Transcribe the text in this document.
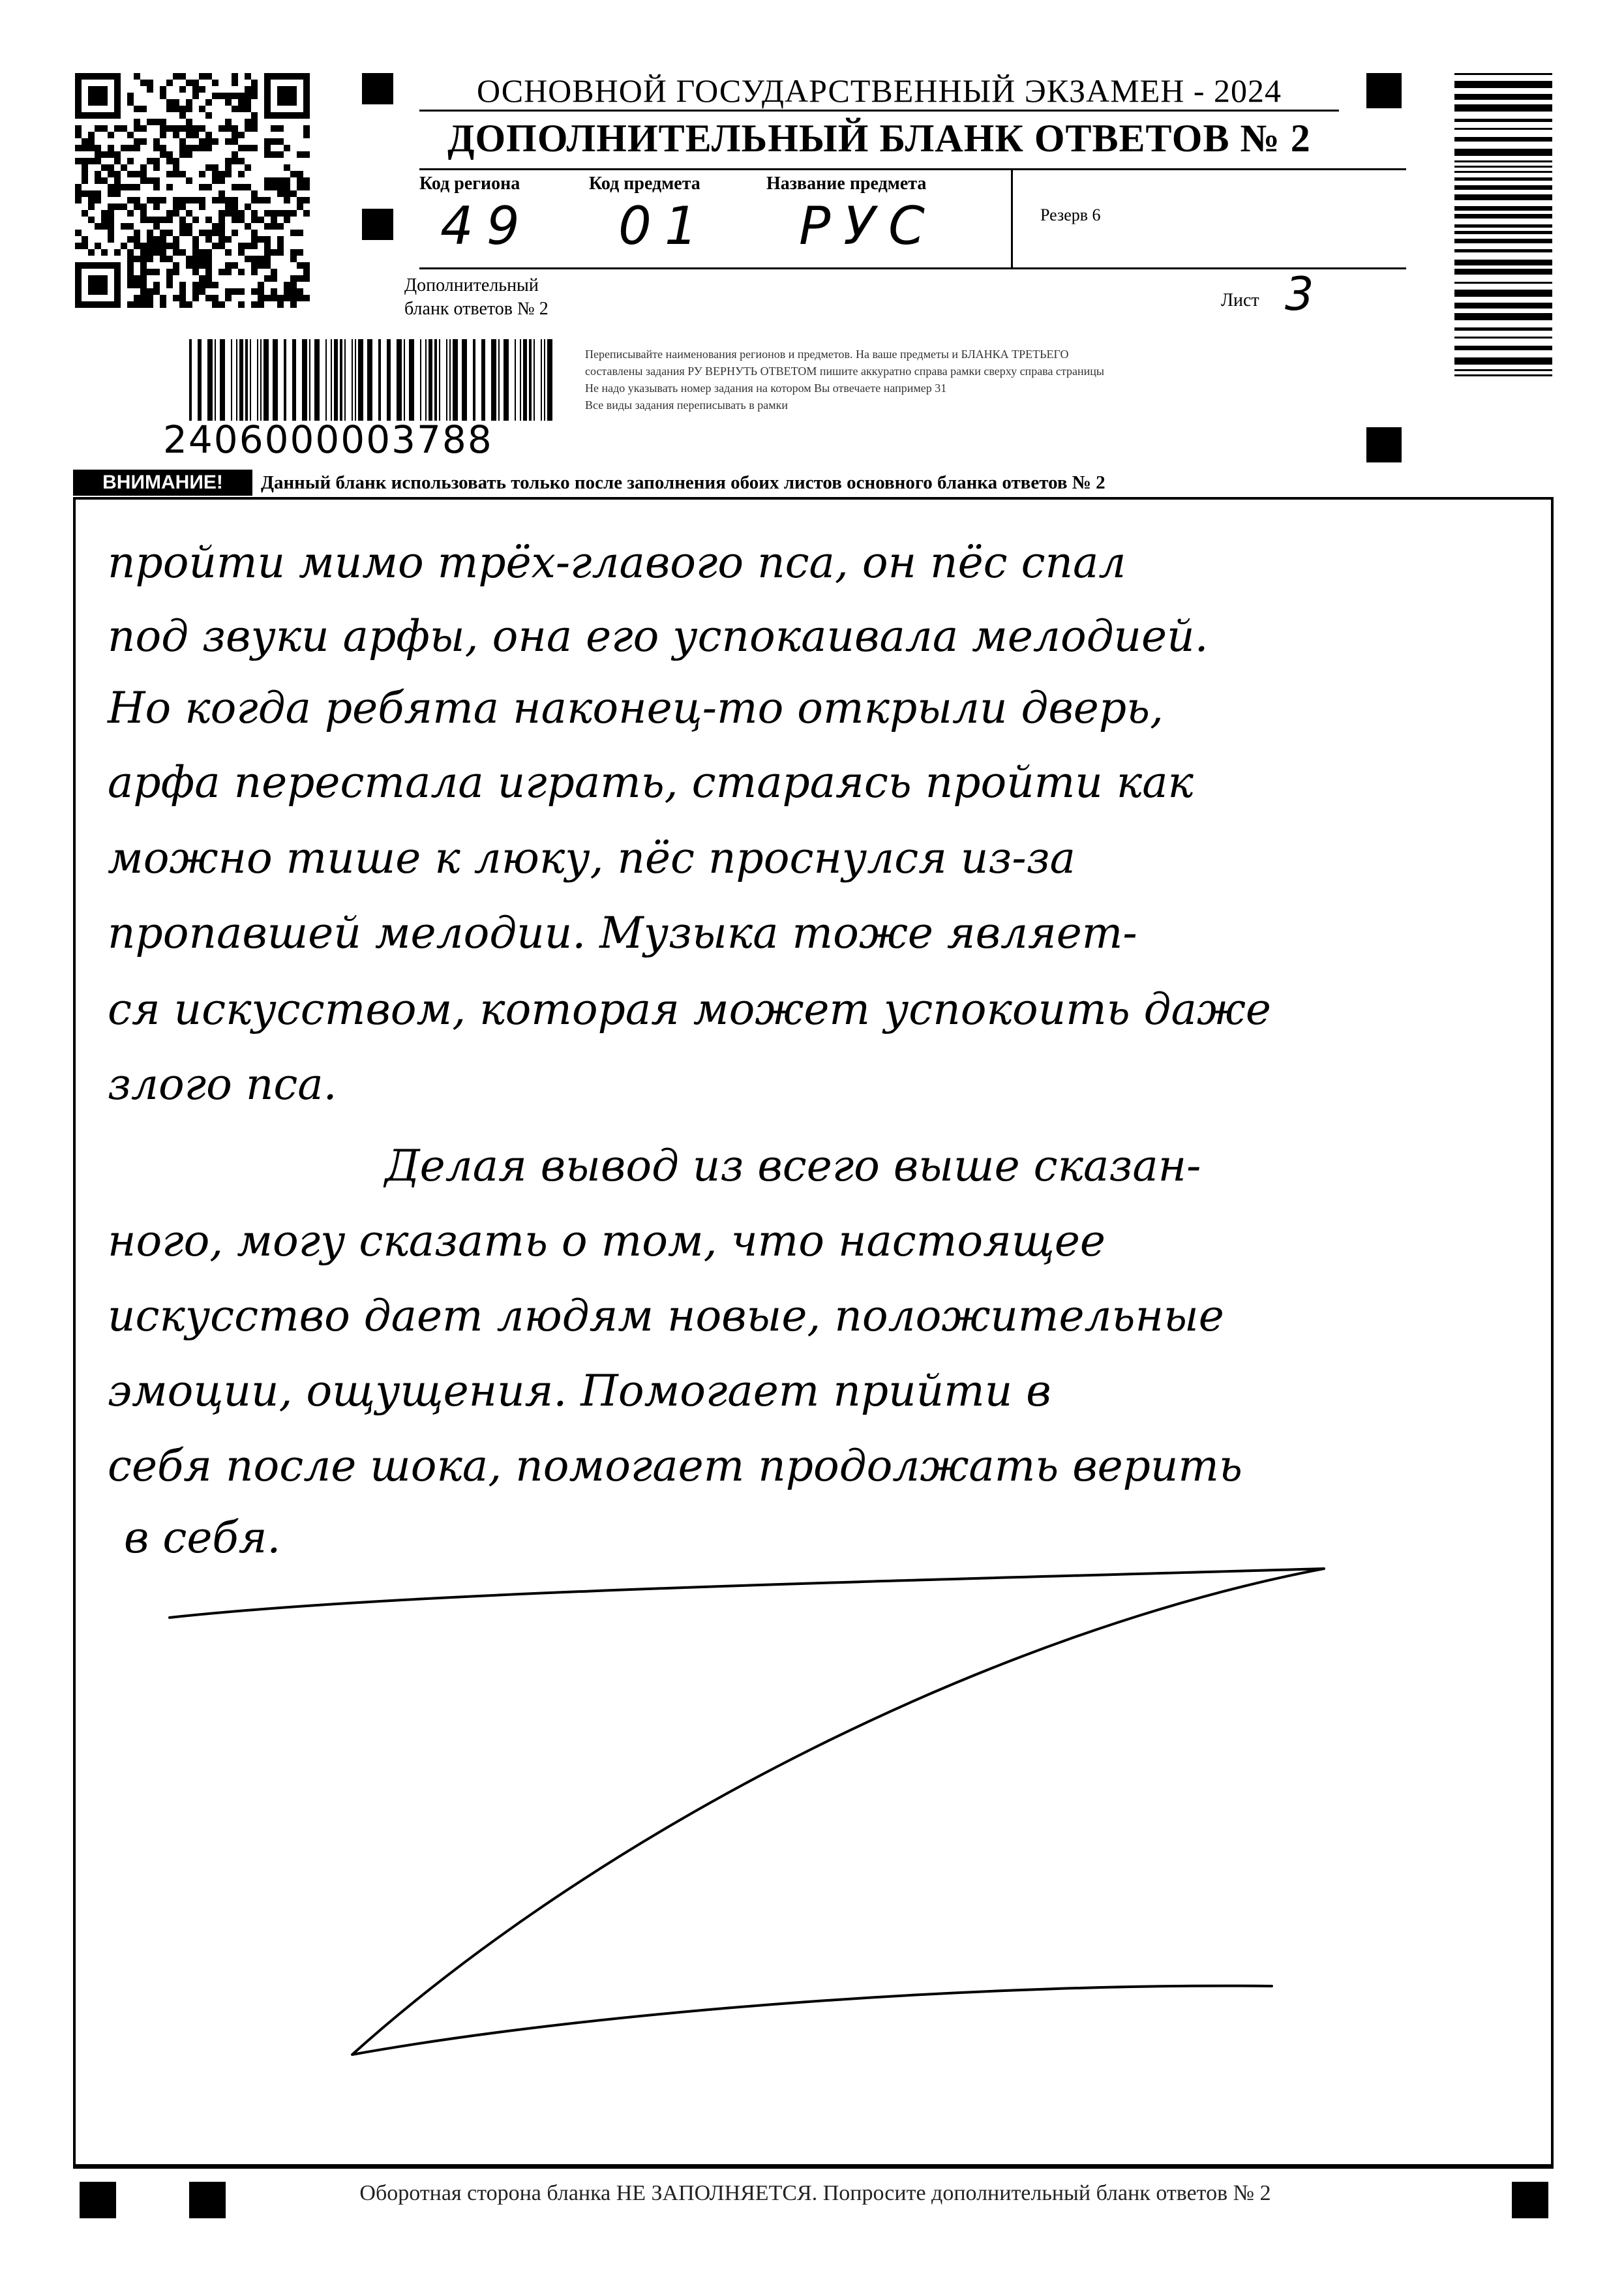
ОСНОВНОЙ ГОСУДАРСТВЕННЫЙ ЭКЗАМЕН - 2024
ДОПОЛНИТЕЛЬНЫЙ БЛАНК ОТВЕТОВ № 2
Код региона
49
Код предмета
01
Название предмета
РУС	Резерв 6
Дополнительный
бланк ответов № 2	Лист 3
2406000003788
Переписывайте наименования регионов и предметов. На ваше предметы и БЛАНКА ТРЕТЬЕГО
составлены задания РУ ВЕРНУТЬ ОТВЕТОМ пишите аккуратно справа рамки сверху справа страницы
Не надо указывать номер задания на котором Вы отвечаете например 31
Все виды задания переписывать в рамки
ВНИМАНИЕ!	Данный бланк использовать только после заполнения обоих листов основного бланка ответов № 2
пройти мимо трёх-главого пса, он пёс спал
под звуки арфы, она его успокаивала мелодией.
Но когда ребята наконец-то открыли дверь,
арфа перестала играть, стараясь пройти как
можно тише к люку, пёс проснулся из-за
пропавшей мелодии. Музыка тоже являет-
ся искусством, которая может успокоить даже
злого пса.
Делая вывод из всего выше сказан-
ного, могу сказать о том, что настоящее
искусство дает людям новые, положительные
эмоции, ощущения. Помогает прийти в
себя после шока, помогает продолжать верить
в себя.
Оборотная сторона бланка НЕ ЗАПОЛНЯЕТСЯ. Попросите дополнительный бланк ответов № 2
